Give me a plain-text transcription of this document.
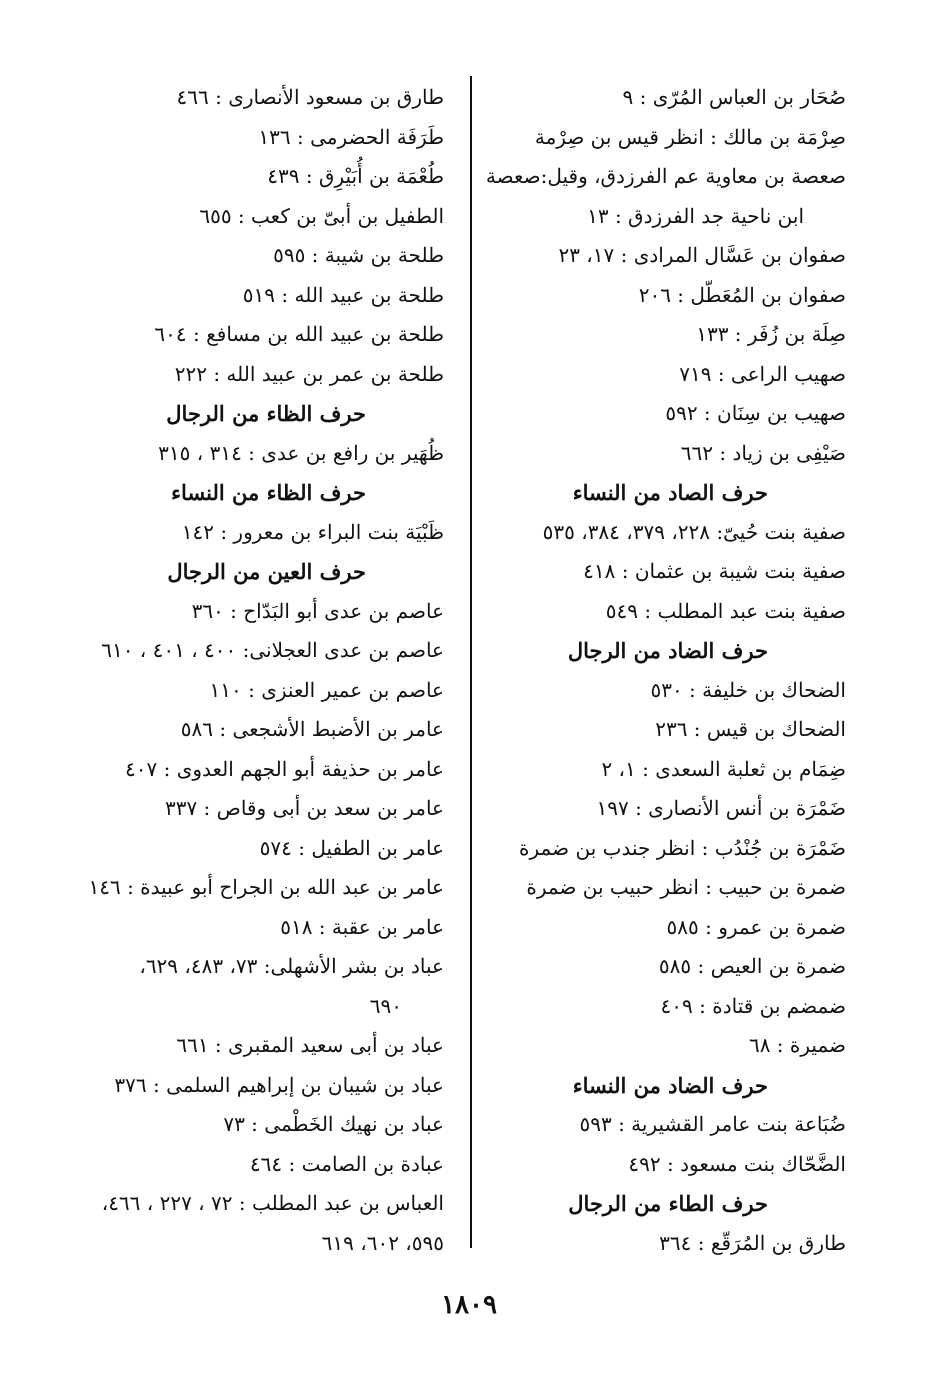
صُحَار بن العباس المُرّى : ٩
صِرْمَة بن مالك : انظر قيس بن صِرْمة
صعصة بن معاوية عم الفرزدق، وقيل:صعصة
ابن ناحية جد الفرزدق : ١٣
صفوان بن عَسَّال المرادى : ١٧، ٢٣
صفوان بن المُعَطّل : ٢٠٦
صِلَة بن زُفَر : ١٣٣
صهيب الراعى : ٧١٩
صهيب بن سِنَان : ٥٩٢
صَيْفِى بن زياد : ٦٦٢
حرف الصاد من النساء
صفية بنت حُيىّ: ٢٢٨، ٣٧٩، ٣٨٤، ٥٣٥
صفية بنت شيبة بن عثمان : ٤١٨
صفية بنت عبد المطلب : ٥٤٩
حرف الضاد من الرجال
الضحاك بن خليفة : ٥٣٠
الضحاك بن قيس : ٢٣٦
ضِمَام بن ثعلبة السعدى : ١، ٢
ضَمْرَة بن أنس الأنصارى : ١٩٧
ضَمْرَة بن جُنْدُب : انظر جندب بن ضمرة
ضمرة بن حبيب : انظر حبيب بن ضمرة
ضمرة بن عمرو : ٥٨٥
ضمرة بن العيص : ٥٨٥
ضمضم بن قتادة : ٤٠٩
ضميرة : ٦٨
حرف الضاد من النساء
ضُبَاعة بنت عامر القشيرية : ٥٩٣
الضَّحّاك بنت مسعود : ٤٩٢
حرف الطاء من الرجال
طارق بن المُرَقّع : ٣٦٤
طارق بن مسعود الأنصارى : ٤٦٦
طَرَفَة الحضرمى : ١٣٦
طُعْمَة بن أُبَيْرِق : ٤٣٩
الطفيل بن أبىّ بن كعب : ٦٥٥
طلحة بن شيبة : ٥٩٥
طلحة بن عبيد الله : ٥١٩
طلحة بن عبيد الله بن مسافع : ٦٠٤
طلحة بن عمر بن عبيد الله : ٢٢٢
حرف الظاء من الرجال
ظُهَير بن رافع بن عدى : ٣١٤ ، ٣١٥
حرف الظاء من النساء
ظَبْيَة بنت البراء بن معرور : ١٤٢
حرف العين من الرجال
عاصم بن عدى أبو البَدّاح : ٣٦٠
عاصم بن عدى العجلانى: ٤٠٠ ، ٤٠١ ، ٦١٠
عاصم بن عمير العنزى : ١١٠
عامر بن الأضبط الأشجعى : ٥٨٦
عامر بن حذيفة أبو الجهم العدوى : ٤٠٧
عامر بن سعد بن أبى وقاص : ٣٣٧
عامر بن الطفيل : ٥٧٤
عامر بن عبد الله بن الجراح أبو عبيدة : ١٤٦
عامر بن عقبة : ٥١٨
عباد بن بشر الأشهلى: ٧٣، ٤٨٣، ٦٢٩،
٦٩٠
عباد بن أبى سعيد المقبرى : ٦٦١
عباد بن شيبان بن إبراهيم السلمى : ٣٧٦
عباد بن نهيك الخَطْمى : ٧٣
عبادة بن الصامت : ٤٦٤
العباس بن عبد المطلب : ٧٢ ، ٢٢٧ ، ٤٦٦،
٥٩٥، ٦٠٢، ٦١٩
١٨٠٩
